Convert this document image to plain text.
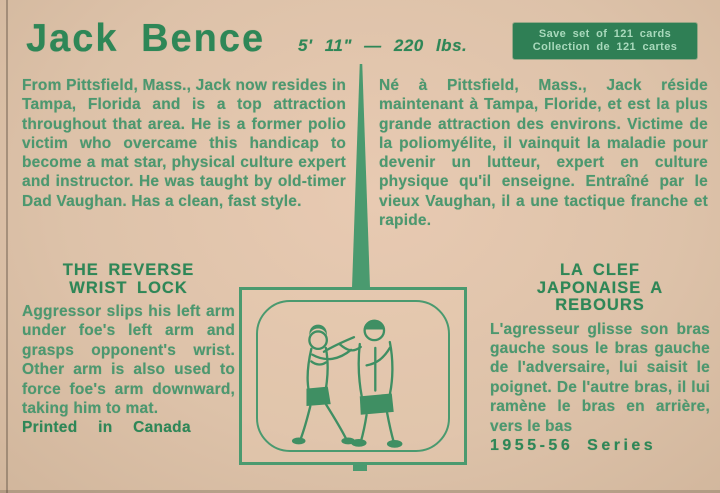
Jack Bence 5' 11" — 220 lbs.
Save set of 121 cards
Collection de 121 cartes
From Pittsfield, Mass., Jack now resides in Tampa, Florida and is a top attraction throughout that area. He is a former polio victim who overcame this handicap to become a mat star, physical culture expert and instructor. He was taught by old-timer Dad Vaughan. Has a clean, fast style.
Né à Pittsfield, Mass., Jack réside maintenant à Tampa, Floride, et est la plus grande attraction des environs. Victime de la poliomyélite, il vainquit la maladie pour devenir un lutteur, expert en culture physique qu'il enseigne. Entraîné par le vieux Vaughan, il a une tactique franche et rapide.
THE REVERSE WRIST LOCK
Aggressor slips his left arm under foe's left arm and grasps opponent's wrist. Other arm is also used to force foe's arm downward, taking him to mat.
Printed in Canada
LA CLEF JAPONAISE A REBOURS
L'agresseur glisse son bras gauche sous le bras gauche de l'adversaire, lui saisit le poignet. De l'autre bras, il lui ramène le bras en arrière, vers le bas
1955-56 Series
